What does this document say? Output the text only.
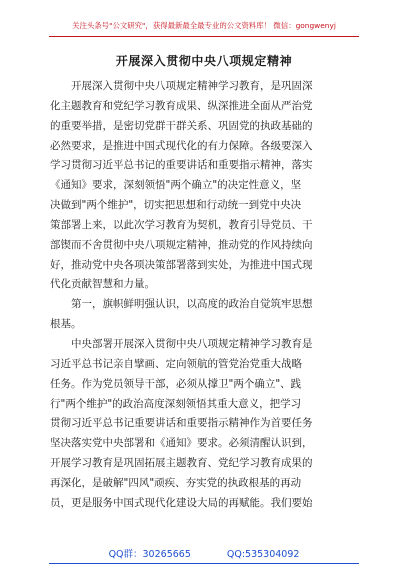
关注头条号"公文研究"，获得最新最全最专业的公文资料库！ 微信：gongwenyj
开展深入贯彻中央八项规定精神
　　开展深入贯彻中央八项规定精神学习教育，是巩固深
化主题教育和党纪学习教育成果、纵深推进全面从严治党
的重要举措，是密切党群干群关系、巩固党的执政基础的
必然要求，是推进中国式现代化的有力保障。各级要深入
学习贯彻习近平总书记的重要讲话和重要指示精神，落实
《通知》要求，深刻领悟"两个确立"的决定性意义，坚
决做到"两个维护"，切实把思想和行动统一到党中央决
策部署上来，以此次学习教育为契机，教育引导党员、干
部锲而不舍贯彻中央八项规定精神，推动党的作风持续向
好，推动党中央各项决策部署落到实处，为推进中国式现
代化贡献智慧和力量。
　　第一，旗帜鲜明强认识，以高度的政治自觉筑牢思想
根基。
　　中央部署开展深入贯彻中央八项规定精神学习教育是
习近平总书记亲自擘画、定向领航的管党治党重大战略
任务。作为党员领导干部，必须从撑卫"两个确立"、践
行"两个维护"的政治高度深刻领悟其重大意义，把学习
贯彻习近平总书记重要讲话和重要指示精神作为首要任务
坚决落实党中央部署和《通知》要求。必须清醒认识到，
开展学习教育是巩固拓展主题教育、党纪学习教育成果的
再深化，是破解"四风"顽疾、夯实党的执政根基的再动
员，更是服务中国式现代化建设大局的再赋能。我们要始
QQ群：30265665	QQ:535304092
